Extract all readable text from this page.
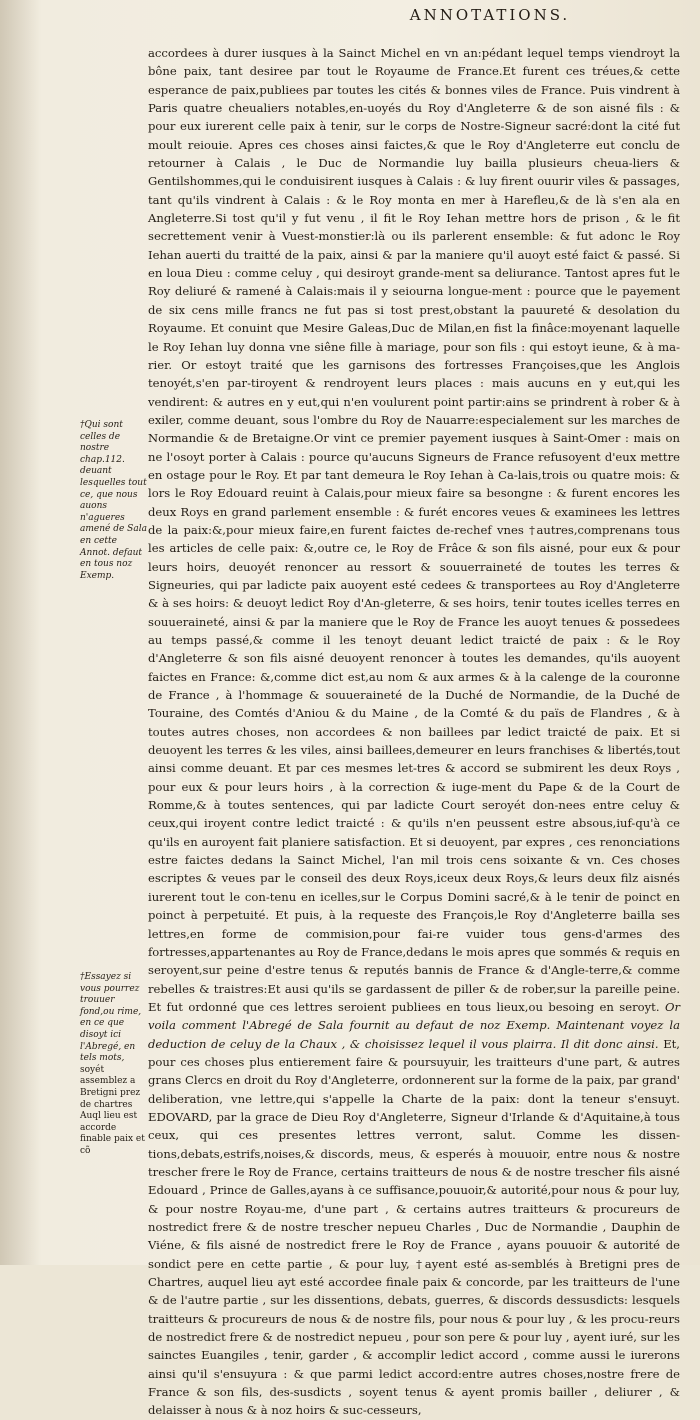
ANNOTATIONS.
†Qui sont celles de nostre chap.112. deuant lesquelles tout ce, que nous auons n'agueres amené de Sala en cette Annot. defaut en tous noz Exemp.
†Essayez si vous pourrez trouuer fond,ou rime, en ce que disoyt ici l'Abregé, en tels mots, soyét assemblez a Bretigni prez de chartres Auql lieu est accorde finable paix et cõ

accordees à durer iusques à la Sainct Michel en vn an:pédant lequel temps viendroyt la bône paix, tant desiree par tout le Royaume de France.Et furent ces tréues,& cette esperance de paix,publiees par toutes les cités & bonnes viles de France. Puis vindrent à Paris quatre cheualiers notables,en-uoyés du Roy d'Angleterre & de son aisné fils : & pour eux iurerent celle paix à tenir, sur le corps de Nostre-Signeur sacré:dont la cité fut moult reiouie. Apres ces choses ainsi faictes,& que le Roy d'Angleterre eut conclu de retourner à Calais , le Duc de Normandie luy bailla plusieurs cheua-liers & Gentilshommes,qui le conduisirent iusques à Calais : & luy firent ouurir viles & passages, tant qu'ils vindrent à Calais : & le Roy monta en mer à Harefleu,& de là s'en ala en Angleterre.Si tost qu'il y fut venu , il fit le Roy Iehan mettre hors de prison , & le fit secrettement venir à Vuest-monstier:là ou ils parlerent ensemble: & fut adonc le Roy Iehan auerti du traitté de la paix, ainsi & par la maniere qu'il auoyt esté faict & passé. Si en loua Dieu : comme celuy , qui desiroyt grande-ment sa deliurance. Tantost apres fut le Roy deliuré & ramené à Calais:mais il y seiourna longue-ment : pource que le payement de six cens mille francs ne fut pas si tost prest,obstant la pauureté & desolation du Royaume. Et conuint que Mesire Galeas,Duc de Milan,en fist la finâce:moyenant laquelle le Roy Iehan luy donna vne siêne fille à mariage, pour son fils : qui estoyt ieune, & à ma-rier. Or estoyt traité que les garnisons des fortresses Françoises,que les Anglois tenoyét,s'en par-tiroyent & rendroyent leurs places : mais aucuns en y eut,qui les vendirent: & autres en y eut,qui n'en voulurent point partir:ains se prindrent à rober & à exiler, comme deuant, sous l'ombre du Roy de Nauarre:especialement sur les marches de Normandie & de Bretaigne.Or vint ce premier payement iusques à Saint-Omer : mais on ne l'osoyt porter à Calais : pource qu'aucuns Signeurs de France refusoyent d'eux mettre en ostage pour le Roy. Et par tant demeura le Roy Iehan à Ca-lais,trois ou quatre mois: & lors le Roy Edouard reuint à Calais,pour mieux faire sa besongne : & furent encores les deux Roys en grand parlement ensemble : & furét encores veues & examinees les lettres de la paix:&,pour mieux faire,en furent faictes de-rechef vnes †autres,comprenans tous les articles de celle paix: &,outre ce, le Roy de Frâce & son fils aisné, pour eux & pour leurs hoirs, deuoyét renoncer au ressort & souuerraineté de toutes les terres & Signeuries, qui par ladicte paix auoyent esté cedees & transportees au Roy d'Angleterre & à ses hoirs: & deuoyt ledict Roy d'An-gleterre, & ses hoirs, tenir toutes icelles terres en souueraineté, ainsi & par la maniere que le Roy de France les auoyt tenues & possedees au temps passé,& comme il les tenoyt deuant ledict traicté de paix : & le Roy d'Angleterre & son fils aisné deuoyent renoncer à toutes les demandes, qu'ils auoyent faictes en France: &,comme dict est,au nom & aux armes & à la calenge de la couronne de France , à l'hommage & souueraineté de la Duché de Normandie, de la Duché de Touraine, des Comtés d'Aniou & du Maine , de la Comté & du païs de Flandres , & à toutes autres choses, non accordees & non baillees par ledict traicté de paix. Et si deuoyent les terres & les viles, ainsi baillees,demeurer en leurs franchises & libertés,tout ainsi comme deuant. Et par ces mesmes let-tres & accord se submirent les deux Roys , pour eux & pour leurs hoirs , à la correction & iuge-ment du Pape & de la Court de Romme,& à toutes sentences, qui par ladicte Court seroyét don-nees entre celuy & ceux,qui iroyent contre ledict traicté : & qu'ils n'en peussent estre absous,iuf-qu'à ce qu'ils en auroyent fait planiere satisfaction. Et si deuoyent, par expres , ces renonciations estre faictes dedans la Sainct Michel, l'an mil trois cens soixante & vn. Ces choses escriptes & veues par le conseil des deux Roys,iceux deux Roys,& leurs deux filz aisnés iurerent tout le con-tenu en icelles,sur le Corpus Domini sacré,& à le tenir de poinct en poinct à perpetuité. Et puis, à la requeste des François,le Roy d'Angleterre bailla ses lettres,en forme de commision,pour fai-re vuider tous gens-d'armes des fortresses,appartenantes au Roy de France,dedans le mois apres que sommés & requis en seroyent,sur peine d'estre tenus & reputés bannis de France & d'Angle-terre,& comme rebelles & traistres:Et ausi qu'ils se gardassent de piller & de rober,sur la pareille peine. Et fut ordonné que ces lettres seroient publiees en tous lieux,ou besoing en seroyt. Or voila comment l'Abregé de Sala fournit au defaut de noz Exemp. Maintenant voyez la deduction de celuy de la Chaux , & choisissez lequel il vous plairra. Il dit donc ainsi. Et, pour ces choses plus entierement faire & poursuyuir, les traitteurs d'une part, & autres grans Clercs en droit du Roy d'Angleterre, ordonnerent sur la forme de la paix, par grand' deliberation, vne lettre,qui s'appelle la Charte de la paix: dont la teneur s'ensuyt. EDOVARD, par la grace de Dieu Roy d'Angleterre, Signeur d'Irlande & d'Aquitaine,à tous ceux, qui ces presentes lettres verront, salut. Comme les dissen-tions,debats,estrifs,noises,& discords, meus, & esperés à mouuoir, entre nous & nostre trescher frere le Roy de France, certains traitteurs de nous & de nostre trescher fils aisné Edouard , Prince de Galles,ayans à ce suffisance,pouuoir,& autorité,pour nous & pour luy, & pour nostre Royau-me, d'une part , & certains autres traitteurs & procureurs de nostredict frere & de nostre trescher nepueu Charles , Duc de Normandie , Dauphin de Viéne, & fils aisné de nostredict frere le Roy de France , ayans pouuoir & autorité de sondict pere en cette partie , & pour luy, †ayent esté as-semblés à Bretigni pres de Chartres, auquel lieu ayt esté accordee finale paix & concorde, par les traitteurs de l'une & de l'autre partie , sur les dissentions, debats, guerres, & discords dessusdicts: lesquels traitteurs & procureurs de nous & de nostre fils, pour nous & pour luy , & les procu-reurs de nostredict frere & de nostredict nepueu , pour son pere & pour luy , ayent iuré, sur les sainctes Euangiles , tenir, garder , & accomplir ledict accord , comme aussi le iurerons ainsi qu'il s'ensuyura : & que parmi ledict accord:entre autres choses,nostre frere de France & son fils, des-susdicts , soyent tenus & ayent promis bailler , deliurer , & delaisser à nous & à noz hoirs & suc-cesseurs,
